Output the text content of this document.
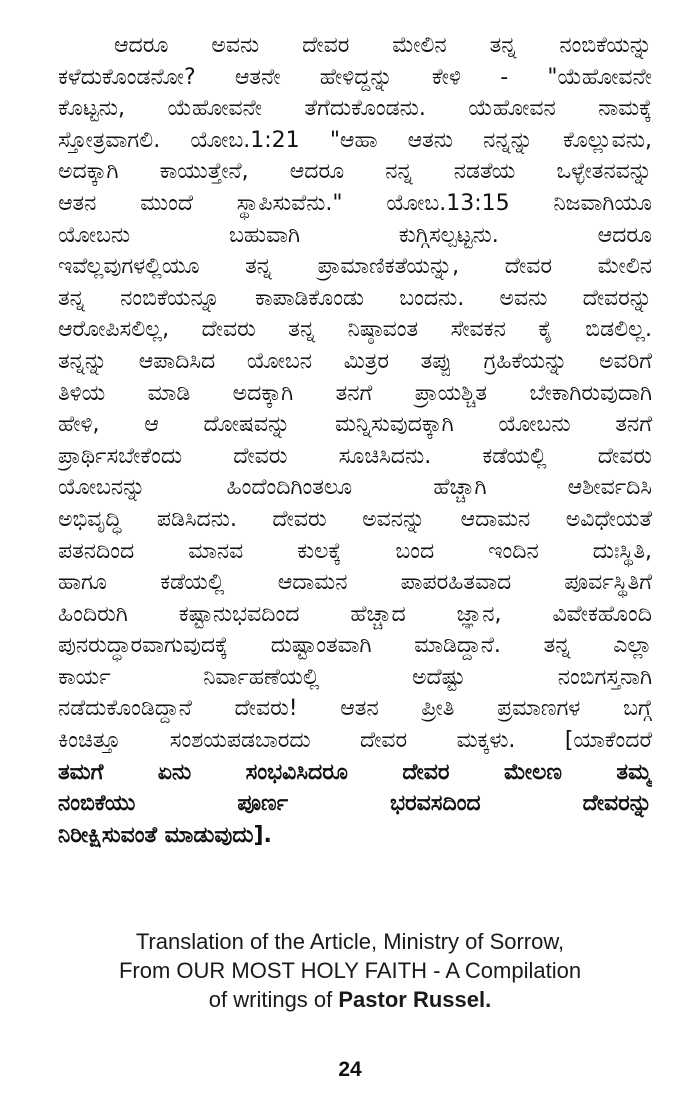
ಆದರೂ ಅವನು ದೇವರ ಮೇಲಿನ ತನ್ನ ನಂಬಿಕೆಯನ್ನು
ಕಳೆದುಕೊಂಡನೋ? ಆತನೇ ಹೇಳಿದ್ದನ್ನು ಕೇಳಿ - "ಯೆಹೋವನೇ
ಕೊಟ್ಟನು, ಯೆಹೋವನೇ ತೆಗೆದುಕೊಂಡನು. ಯೆಹೋವನ ನಾಮಕ್ಕೆ
ಸ್ತೋತ್ರವಾಗಲಿ. ಯೋಬ.1:21 "ಆಹಾ ಆತನು ನನ್ನನ್ನು ಕೊಲ್ಲುವನು,
ಅದಕ್ಕಾಗಿ ಕಾಯುತ್ತೇನೆ, ಆದರೂ ನನ್ನ ನಡತೆಯ ಒಳ್ಳೇತನವನ್ನು
ಆತನ ಮುಂದೆ ಸ್ಥಾಪಿಸುವೆನು." ಯೋಬ.13:15 ನಿಜವಾಗಿಯೂ
ಯೋಬನು ಬಹುವಾಗಿ ಕುಗ್ಗಿಸಲ್ಪಟ್ಟನು. ಆದರೂ
ಇವೆಲ್ಲವುಗಳಲ್ಲಿಯೂ ತನ್ನ ಪ್ರಾಮಾಣಿಕತೆಯನ್ನು, ದೇವರ ಮೇಲಿನ
ತನ್ನ ನಂಬಿಕೆಯನ್ನೂ ಕಾಪಾಡಿಕೊಂಡು ಬಂದನು. ಅವನು ದೇವರನ್ನು
ಆರೋಪಿಸಲಿಲ್ಲ, ದೇವರು ತನ್ನ ನಿಷ್ಠಾವಂತ ಸೇವಕನ ಕೈ ಬಿಡಲಿಲ್ಲ.
ತನ್ನನ್ನು ಆಪಾದಿಸಿದ ಯೋಬನ ಮಿತ್ರರ ತಪ್ಪು ಗ್ರಹಿಕೆಯನ್ನು ಅವರಿಗೆ
ತಿಳಿಯ ಮಾಡಿ ಅದಕ್ಕಾಗಿ ತನಗೆ ಪ್ರಾಯಶ್ಚಿತ ಬೇಕಾಗಿರುವುದಾಗಿ
ಹೇಳಿ, ಆ ದೋಷವನ್ನು ಮನ್ನಿಸುವುದಕ್ಕಾಗಿ ಯೋಬನು ತನಗೆ
ಪ್ರಾರ್ಥಿಸಬೇಕೆಂದು ದೇವರು ಸೂಚಿಸಿದನು. ಕಡೆಯಲ್ಲಿ ದೇವರು
ಯೋಬನನ್ನು ಹಿಂದೆಂದಿಗಿಂತಲೂ ಹೆಚ್ಚಾಗಿ ಆಶೀರ್ವದಿಸಿ
ಅಭಿವೃದ್ಧಿ ಪಡಿಸಿದನು. ದೇವರು ಅವನನ್ನು ಆದಾಮನ ಅವಿಧೇಯತೆ
ಪತನದಿಂದ ಮಾನವ ಕುಲಕ್ಕೆ ಬಂದ ಇಂದಿನ ದುಃಸ್ಥಿತಿ,
ಹಾಗೂ ಕಡೆಯಲ್ಲಿ ಆದಾಮನ ಪಾಪರಹಿತವಾದ ಪೂರ್ವಸ್ಥಿತಿಗೆ
ಹಿಂದಿರುಗಿ ಕಷ್ಟಾನುಭವದಿಂದ ಹೆಚ್ಚಾದ ಜ್ಞಾನ, ವಿವೇಕಹೊಂದಿ
ಪುನರುದ್ಧಾರವಾಗುವುದಕ್ಕೆ ದುಷ್ಟಾಂತವಾಗಿ ಮಾಡಿದ್ದಾನೆ. ತನ್ನ ಎಲ್ಲಾ
ಕಾರ್ಯ ನಿರ್ವಾಹಣೆಯಲ್ಲಿ ಅದೆಷ್ಟು ನಂಬಿಗಸ್ತನಾಗಿ
ನಡೆದುಕೊಂಡಿದ್ದಾನೆ ದೇವರು! ಆತನ ಪ್ರೀತಿ ಪ್ರಮಾಣಗಳ ಬಗ್ಗೆ
ಕಿಂಚಿತ್ತೂ ಸಂಶಯಪಡಬಾರದು ದೇವರ ಮಕ್ಕಳು. [ಯಾಕೆಂದರೆ
ತಮಗೆ ಏನು ಸಂಭವಿಸಿದರೂ ದೇವರ ಮೇಲಣ ತಮ್ಮ
ನಂಬಿಕೆಯು ಪೂರ್ಣ ಭರವಸದಿಂದ ದೇವರನ್ನು
ನಿರೀಕ್ಷಿಸುವಂತೆ ಮಾಡುವುದು].
Translation of the Article, Ministry of Sorrow,
From OUR MOST HOLY FAITH - A Compilation
of writings of Pastor Russel.
24
